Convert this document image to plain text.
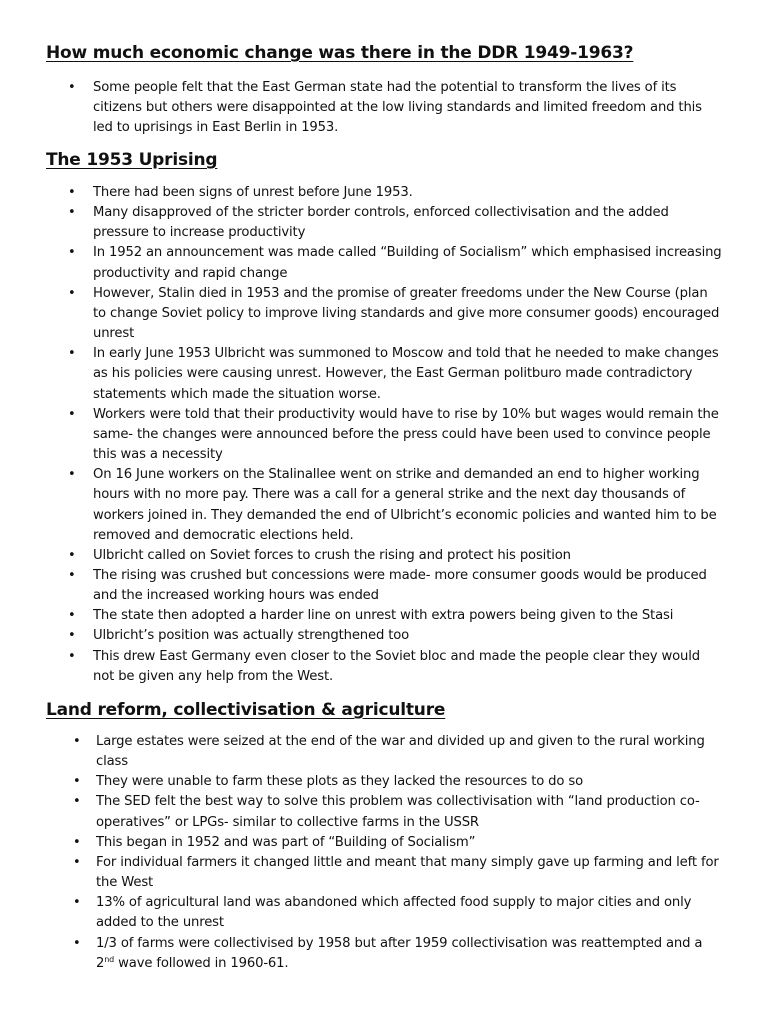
How much economic change was there in the DDR 1949-1963?
• Some people felt that the East German state had the potential to transform the lives of its citizens but others were disappointed at the low living standards and limited freedom and this led to uprisings in East Berlin in 1953.
The 1953 Uprising
• There had been signs of unrest before June 1953.
• Many disapproved of the stricter border controls, enforced collectivisation and the added pressure to increase productivity
• In 1952 an announcement was made called “Building of Socialism” which emphasised increasing productivity and rapid change
• However, Stalin died in 1953 and the promise of greater freedoms under the New Course (plan to change Soviet policy to improve living standards and give more consumer goods) encouraged unrest
• In early June 1953 Ulbricht was summoned to Moscow and told that he needed to make changes as his policies were causing unrest. However, the East German politburo made contradictory statements which made the situation worse.
• Workers were told that their productivity would have to rise by 10% but wages would remain the same- the changes were announced before the press could have been used to convince people this was a necessity
• On 16 June workers on the Stalinallee went on strike and demanded an end to higher working hours with no more pay. There was a call for a general strike and the next day thousands of workers joined in. They demanded the end of Ulbricht’s economic policies and wanted him to be removed and democratic elections held.
• Ulbricht called on Soviet forces to crush the rising and protect his position
• The rising was crushed but concessions were made- more consumer goods would be produced and the increased working hours was ended
• The state then adopted a harder line on unrest with extra powers being given to the Stasi
• Ulbricht’s position was actually strengthened too
• This drew East Germany even closer to the Soviet bloc and made the people clear they would not be given any help from the West.
Land reform, collectivisation & agriculture
• Large estates were seized at the end of the war and divided up and given to the rural working class
• They were unable to farm these plots as they lacked the resources to do so
• The SED felt the best way to solve this problem was collectivisation with “land production co-operatives” or LPGs- similar to collective farms in the USSR
• This began in 1952 and was part of “Building of Socialism”
• For individual farmers it changed little and meant that many simply gave up farming and left for the West
• 13% of agricultural land was abandoned which affected food supply to major cities and only added to the unrest
• 1/3 of farms were collectivised by 1958 but after 1959 collectivisation was reattempted and a 2nd wave followed in 1960-61.
